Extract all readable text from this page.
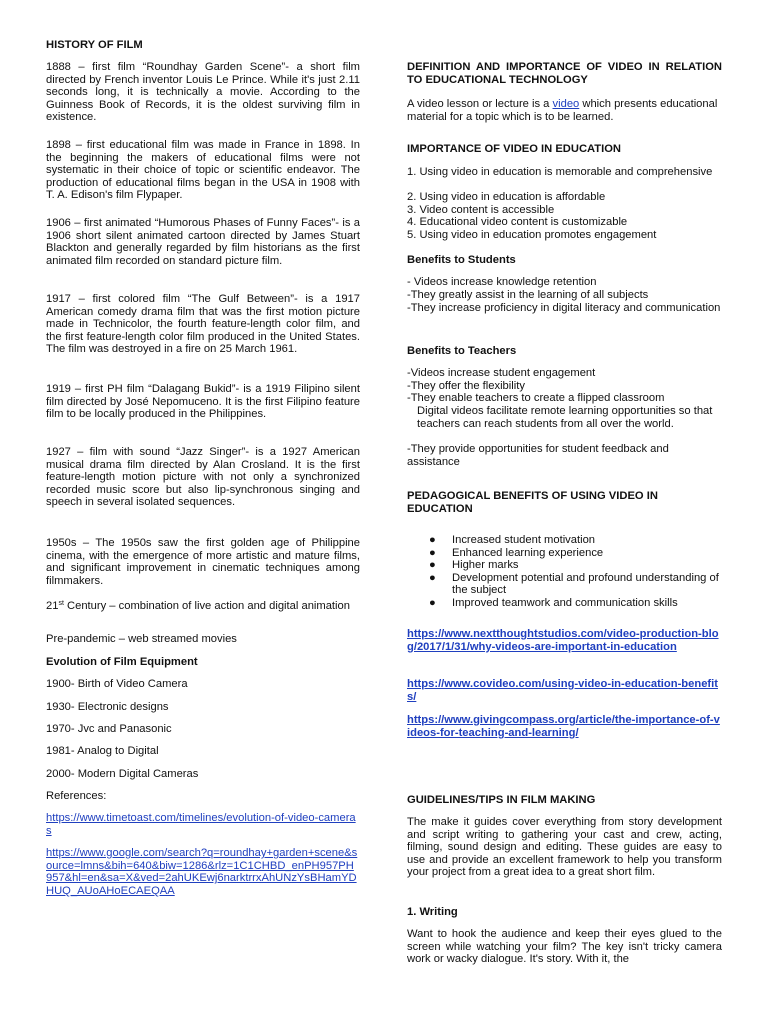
HISTORY OF FILM

1888 – first film “Roundhay Garden Scene”- a short film directed by French inventor Louis Le Prince. While it's just 2.11 seconds long, it is technically a movie. According to the Guinness Book of Records, it is the oldest surviving film in existence.

1898 – first educational film was made in France in 1898. In the beginning the makers of educational films were not systematic in their choice of topic or scientific endeavor. The production of educational films began in the USA in 1908 with T. A. Edison's film Flypaper.

1906 – first animated “Humorous Phases of Funny Faces”- is a 1906 short silent animated cartoon directed by James Stuart Blackton and generally regarded by film historians as the first animated film recorded on standard picture film.

1917 – first colored film “The Gulf Between”- is a 1917 American comedy drama film that was the first motion picture made in Technicolor, the fourth feature-length color film, and the first feature-length color film produced in the United States. The film was destroyed in a fire on 25 March 1961.

1919 – first PH film “Dalagang Bukid”- is a 1919 Filipino silent film directed by José Nepomuceno. It is the first Filipino feature film to be locally produced in the Philippines.

1927 – film with sound “Jazz Singer”- is a 1927 American musical drama film directed by Alan Crosland. It is the first feature-length motion picture with not only a synchronized recorded music score but also lip-synchronous singing and speech in several isolated sequences.

1950s – The 1950s saw the first golden age of Philippine cinema, with the emergence of more artistic and mature films, and significant improvement in cinematic techniques among filmmakers.

21st Century – combination of live action and digital animation

Pre-pandemic – web streamed movies

Evolution of Film Equipment

1900- Birth of Video Camera

1930- Electronic designs

1970- Jvc and Panasonic

1981- Analog to Digital

2000- Modern Digital Cameras

References:

https://www.timetoast.com/timelines/evolution-of-video-cameras

https://www.google.com/search?q=roundhay+garden+scene&source=lmns&bih=640&biw=1286&rlz=1C1CHBD_enPH957PH957&hl=en&sa=X&ved=2ahUKEwj6narktrrxAhUNzYsBHamYDHUQ_AUoAHoECAEQAA

DEFINITION AND IMPORTANCE OF VIDEO IN RELATION TO EDUCATIONAL TECHNOLOGY

A video lesson or lecture is a video which presents educational material for a topic which is to be learned.

IMPORTANCE OF VIDEO IN EDUCATION

1. Using video in education is memorable and comprehensive

2. Using video in education is affordable

3. Video content is accessible

4. Educational video content is customizable

5. Using video in education promotes engagement

Benefits to Students

- Videos increase knowledge retention

-They greatly assist in the learning of all subjects

-They increase proficiency in digital literacy and communication

Benefits to Teachers

-Videos increase student engagement

-They offer the flexibility

-They enable teachers to create a flipped classroom

Digital videos facilitate remote learning opportunities so that teachers can reach students from all over the world.

-They provide opportunities for student feedback and assistance

PEDAGOGICAL BENEFITS OF USING VIDEO IN EDUCATION

● Increased student motivation
● Enhanced learning experience
● Higher marks
● Development potential and profound understanding of the subject
● Improved teamwork and communication skills

https://www.nextthoughtstudios.com/video-production-blog/2017/1/31/why-videos-are-important-in-education

https://www.covideo.com/using-video-in-education-benefits/

https://www.givingcompass.org/article/the-importance-of-videos-for-teaching-and-learning/

GUIDELINES/TIPS IN FILM MAKING

The make it guides cover everything from story development and script writing to gathering your cast and crew, acting, filming, sound design and editing. These guides are easy to use and provide an excellent framework to help you transform your project from a great idea to a great short film.

1. Writing

Want to hook the audience and keep their eyes glued to the screen while watching your film? The key isn't tricky camera work or wacky dialogue. It's story. With it, the
